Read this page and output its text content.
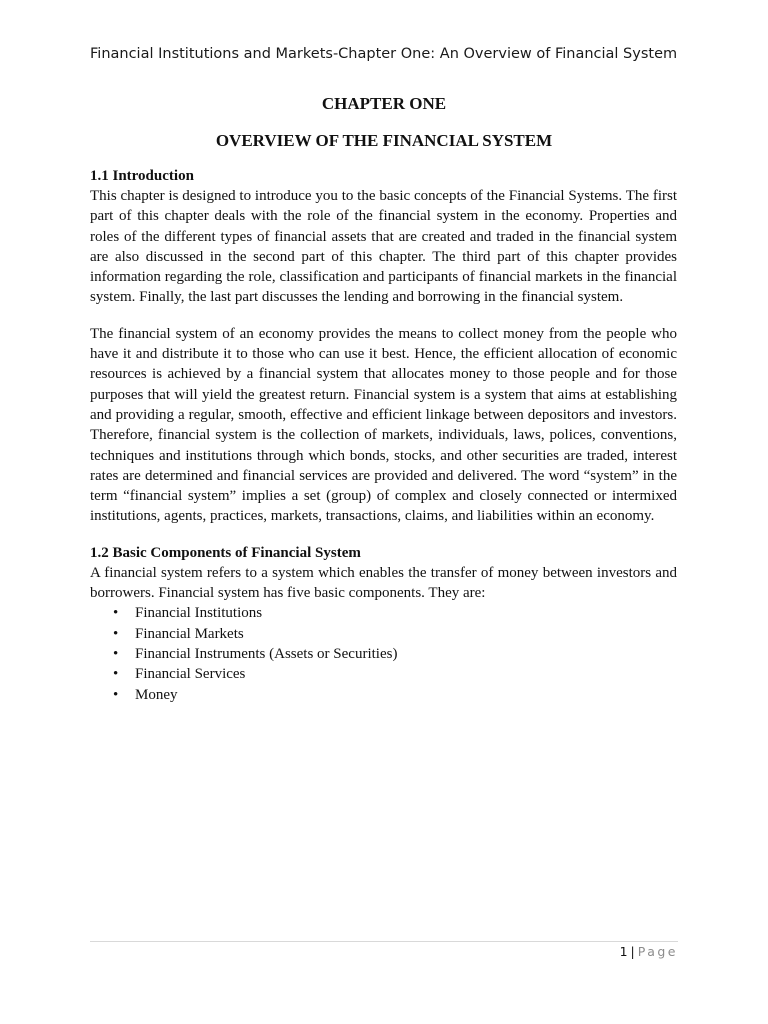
Financial Institutions and Markets-Chapter One: An Overview of Financial System
CHAPTER ONE
OVERVIEW OF THE FINANCIAL SYSTEM
1.1 Introduction

This chapter is designed to introduce you to the basic concepts of the Financial Systems. The first part of this chapter deals with the role of the financial system in the economy. Properties and roles of the different types of financial assets that are created and traded in the financial system are also discussed in the second part of this chapter. The third part of this chapter provides information regarding the role, classification and participants of financial markets in the financial system. Finally, the last part discusses the lending and borrowing in the financial system.

The financial system of an economy provides the means to collect money from the people who have it and distribute it to those who can use it best. Hence, the efficient allocation of economic resources is achieved by a financial system that allocates money to those people and for those purposes that will yield the greatest return. Financial system is a system that aims at establishing and providing a regular, smooth, effective and efficient linkage between depositors and investors. Therefore, financial system is the collection of markets, individuals, laws, polices, conventions, techniques and institutions through which bonds, stocks, and other securities are traded, interest rates are determined and financial services are provided and delivered. The word “system” in the term “financial system” implies a set (group) of complex and closely connected or intermixed institutions, agents, practices, markets, transactions, claims, and liabilities within an economy.

1.2 Basic Components of Financial System

A financial system refers to a system which enables the transfer of money between investors and borrowers. Financial system has five basic components. They are:

• Financial Institutions
• Financial Markets
• Financial Instruments (Assets or Securities)
• Financial Services
• Money
1 | Page
